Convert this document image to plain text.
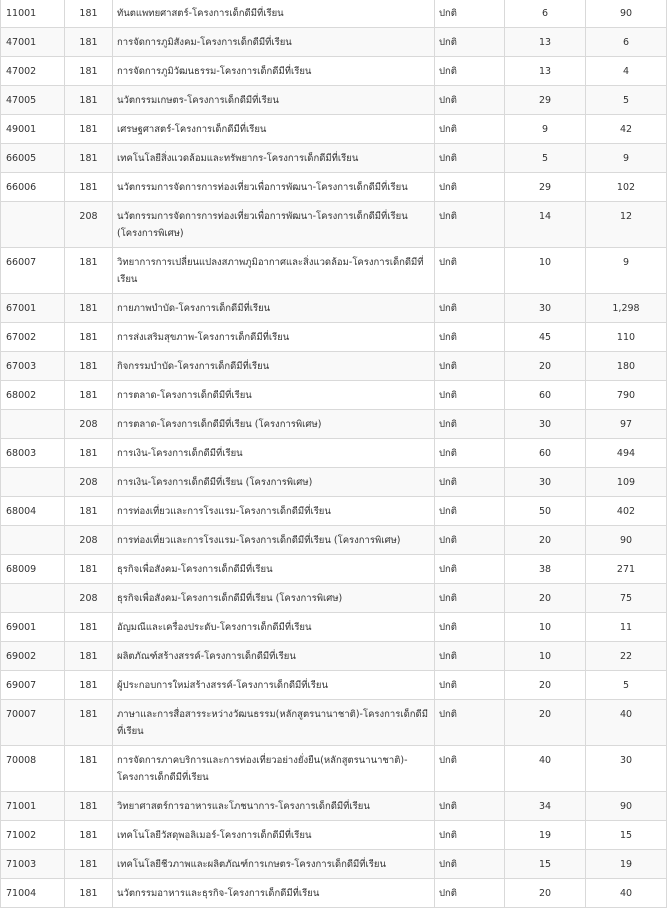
11001	181	ทันตแพทยศาสตร์-โครงการเด็กดีมีที่เรียน	ปกติ	6	90
47001	181	การจัดการภูมิสังคม-โครงการเด็กดีมีที่เรียน	ปกติ	13	6
47002	181	การจัดการภูมิวัฒนธรรม-โครงการเด็กดีมีที่เรียน	ปกติ	13	4
47005	181	นวัตกรรมเกษตร-โครงการเด็กดีมีที่เรียน	ปกติ	29	5
49001	181	เศรษฐศาสตร์-โครงการเด็กดีมีที่เรียน	ปกติ	9	42
66005	181	เทคโนโลยีสิ่งแวดล้อมและทรัพยากร-โครงการเด็กดีมีที่เรียน	ปกติ	5	9
66006	181	นวัตกรรมการจัดการการท่องเที่ยวเพื่อการพัฒนา-โครงการเด็กดีมีที่เรียน	ปกติ	29	102
	208	นวัตกรรมการจัดการการท่องเที่ยวเพื่อการพัฒนา-โครงการเด็กดีมีที่เรียน (โครงการพิเศษ)	ปกติ	14	12
66007	181	วิทยาการการเปลี่ยนแปลงสภาพภูมิอากาศและสิ่งแวดล้อม-โครงการเด็กดีมีที่เรียน	ปกติ	10	9
67001	181	กายภาพบำบัด-โครงการเด็กดีมีที่เรียน	ปกติ	30	1,298
67002	181	การส่งเสริมสุขภาพ-โครงการเด็กดีมีที่เรียน	ปกติ	45	110
67003	181	กิจกรรมบำบัด-โครงการเด็กดีมีที่เรียน	ปกติ	20	180
68002	181	การตลาด-โครงการเด็กดีมีที่เรียน	ปกติ	60	790
	208	การตลาด-โครงการเด็กดีมีที่เรียน (โครงการพิเศษ)	ปกติ	30	97
68003	181	การเงิน-โครงการเด็กดีมีที่เรียน	ปกติ	60	494
	208	การเงิน-โครงการเด็กดีมีที่เรียน (โครงการพิเศษ)	ปกติ	30	109
68004	181	การท่องเที่ยวและการโรงแรม-โครงการเด็กดีมีที่เรียน	ปกติ	50	402
	208	การท่องเที่ยวและการโรงแรม-โครงการเด็กดีมีที่เรียน (โครงการพิเศษ)	ปกติ	20	90
68009	181	ธุรกิจเพื่อสังคม-โครงการเด็กดีมีที่เรียน	ปกติ	38	271
	208	ธุรกิจเพื่อสังคม-โครงการเด็กดีมีที่เรียน (โครงการพิเศษ)	ปกติ	20	75
69001	181	อัญมณีและเครื่องประดับ-โครงการเด็กดีมีที่เรียน	ปกติ	10	11
69002	181	ผลิตภัณฑ์สร้างสรรค์-โครงการเด็กดีมีที่เรียน	ปกติ	10	22
69007	181	ผู้ประกอบการใหม่สร้างสรรค์-โครงการเด็กดีมีที่เรียน	ปกติ	20	5
70007	181	ภาษาและการสื่อสารระหว่างวัฒนธรรม(หลักสูตรนานาชาติ)-โครงการเด็กดีมีที่เรียน	ปกติ	20	40
70008	181	การจัดการภาคบริการและการท่องเที่ยวอย่างยั่งยืน(หลักสูตรนานาชาติ)-โครงการเด็กดีมีที่เรียน	ปกติ	40	30
71001	181	วิทยาศาสตร์การอาหารและโภชนาการ-โครงการเด็กดีมีที่เรียน	ปกติ	34	90
71002	181	เทคโนโลยีวัสดุพอลิเมอร์-โครงการเด็กดีมีที่เรียน	ปกติ	19	15
71003	181	เทคโนโลยีชีวภาพและผลิตภัณฑ์การเกษตร-โครงการเด็กดีมีที่เรียน	ปกติ	15	19
71004	181	นวัตกรรมอาหารและธุรกิจ-โครงการเด็กดีมีที่เรียน	ปกติ	20	40
